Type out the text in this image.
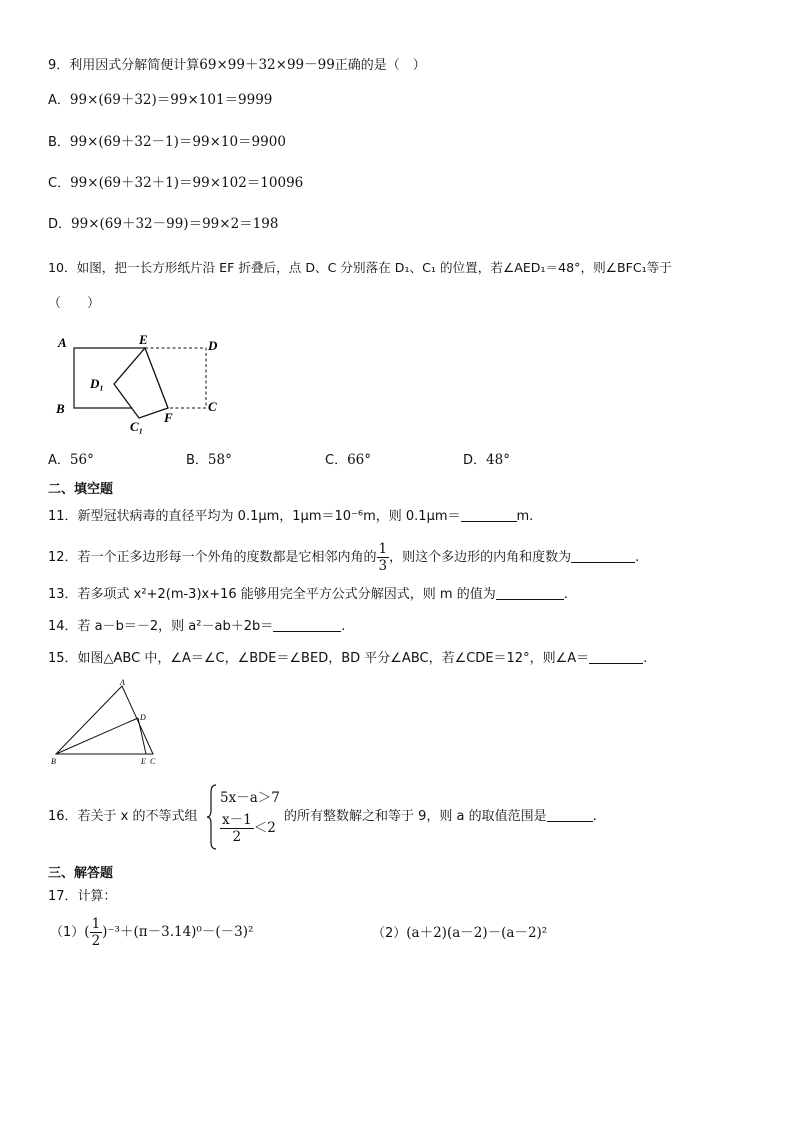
9．利用因式分解简便计算69×99＋32×99－99正确的是（　）
A．99×(69＋32)＝99×101＝9999
B．99×(69＋32－1)＝99×10＝9900
C．99×(69＋32＋1)＝99×102＝10096
D．99×(69＋32－99)＝99×2＝198
10．如图，把一长方形纸片沿 EF 折叠后，点 D、C 分别落在 D₁、C₁ 的位置，若∠AED₁＝48°，则∠BFC₁等于
（　　）
A	E	D
D₁
B	C
C₁
F
A．56°	B．58°	C．66°	D．48°
二、填空题
11．新型冠状病毒的直径平均为 0.1μm，1μm＝10⁻⁶m，则 0.1μm＝	m.
12．若一个正多边形每一个外角的度数都是它相邻内角的 $\frac{1}{3}$ ，则这个多边形的内角和度数为	.
13．若多项式 x²+2(m-3)x+16 能够用完全平方公式分解因式，则 m 的值为	.
14．若 a－b＝－2，则 a²－ab＋2b＝	.
15．如图△ABC 中，∠A＝∠C，∠BDE＝∠BED，BD 平分∠ABC，若∠CDE＝12°，则∠A＝	.
A
D
B	E C
16．若关于 x 的不等式组
5x－a＞7
$\frac{x-1}{2} <2$
的所有整数解之和等于 9，则 a 的取值范围是	.
三、解答题
17．计算：
$(1)( \frac{1}{2} )^{-3}+(\pi-3.14)^0-(-3)^2$	（2）(a＋2)(a－2)－(a－2)²
